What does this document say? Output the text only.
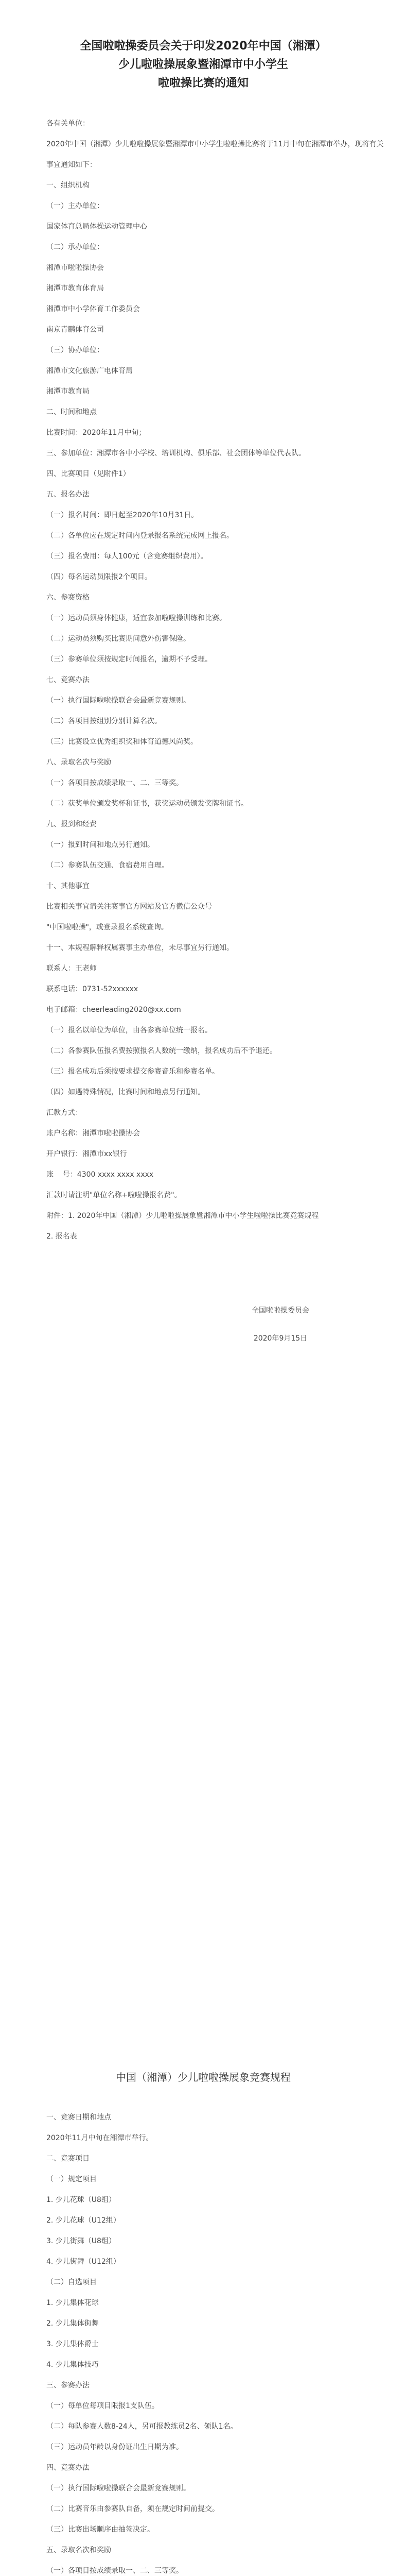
全国啦啦操委员会关于印发2020年中国（湘潭）
少儿啦啦操展象暨湘潭市中小学生
啦啦操比赛的通知

各有关单位：

2020年中国（湘潭）少儿啦啦操展象暨湘潭市中小学生啦啦操比赛将于11月中旬在湘潭市举办，现将有关事宜通知如下：

一、组织机构

（一）主办单位：

国家体育总局体操运动管理中心

（二）承办单位：

湘潭市啦啦操协会

湘潭市教育体育局

湘潭市中小学体育工作委员会

南京青鹏体育公司

（三）协办单位：

湘潭市文化旅游广电体育局

湘潭市教育局

二、时间和地点

比赛时间：2020年11月中旬；

三、参加单位：湘潭市各中小学校、培训机构、俱乐部、社会团体等单位代表队。

四、比赛项目（见附件1）

五、报名办法

（一）报名时间：即日起至2020年10月31日。

（二）各单位应在规定时间内登录报名系统完成网上报名。

（三）报名费用：每人100元（含竞赛组织费用）。

（四）每名运动员限报2个项目。

六、参赛资格

（一）运动员须身体健康，适宜参加啦啦操训练和比赛。

（二）运动员须购买比赛期间意外伤害保险。

（三）参赛单位须按规定时间报名，逾期不予受理。

七、竞赛办法

（一）执行国际啦啦操联合会最新竞赛规则。

（二）各项目按组别分别计算名次。

（三）比赛设立优秀组织奖和体育道德风尚奖。

八、录取名次与奖励

（一）各项目按成绩录取一、二、三等奖。

（二）获奖单位颁发奖杯和证书，获奖运动员颁发奖牌和证书。

九、报到和经费

（一）报到时间和地点另行通知。

（二）参赛队伍交通、食宿费用自理。

十、其他事宜

比赛相关事宜请关注赛事官方网站及官方微信公众号

"中国啦啦操"，或登录报名系统查询。

十一、本规程解释权属赛事主办单位，未尽事宜另行通知。

联系人：王老师

联系电话：0731-52xxxxxx

电子邮箱：cheerleading2020@xx.com

（一）报名以单位为单位，由各参赛单位统一报名。

（二）各参赛队伍报名费按照报名人数统一缴纳，报名成功后不予退还。

（三）报名成功后须按要求提交参赛音乐和参赛名单。

（四）如遇特殊情况，比赛时间和地点另行通知。

汇款方式：

账户名称：湘潭市啦啦操协会

开户银行：湘潭市xx银行

账    号：4300 xxxx xxxx xxxx

汇款时请注明"单位名称+啦啦操报名费"。

附件：1. 2020年中国（湘潭）少儿啦啦操展象暨湘潭市中小学生啦啦操比赛竞赛规程

2. 报名表

全国啦啦操委员会

2020年9月15日

中国（湘潭）少儿啦啦操展象竞赛规程

一、竞赛日期和地点

2020年11月中旬在湘潭市举行。

二、竞赛项目

（一）规定项目

1. 少儿花球（U8组）

2. 少儿花球（U12组）

3. 少儿街舞（U8组）

4. 少儿街舞（U12组）

（二）自选项目

1. 少儿集体花球

2. 少儿集体街舞

3. 少儿集体爵士

4. 少儿集体技巧

三、参赛办法

（一）每单位每项目限报1支队伍。

（二）每队参赛人数8-24人，另可报教练员2名、领队1名。

（三）运动员年龄以身份证出生日期为准。

四、竞赛办法

（一）执行国际啦啦操联合会最新竞赛规则。

（二）比赛音乐由参赛队自备，须在规定时间前提交。

（三）比赛出场顺序由抽签决定。

五、录取名次和奖励

（一）各项目按成绩录取一、二、三等奖。
